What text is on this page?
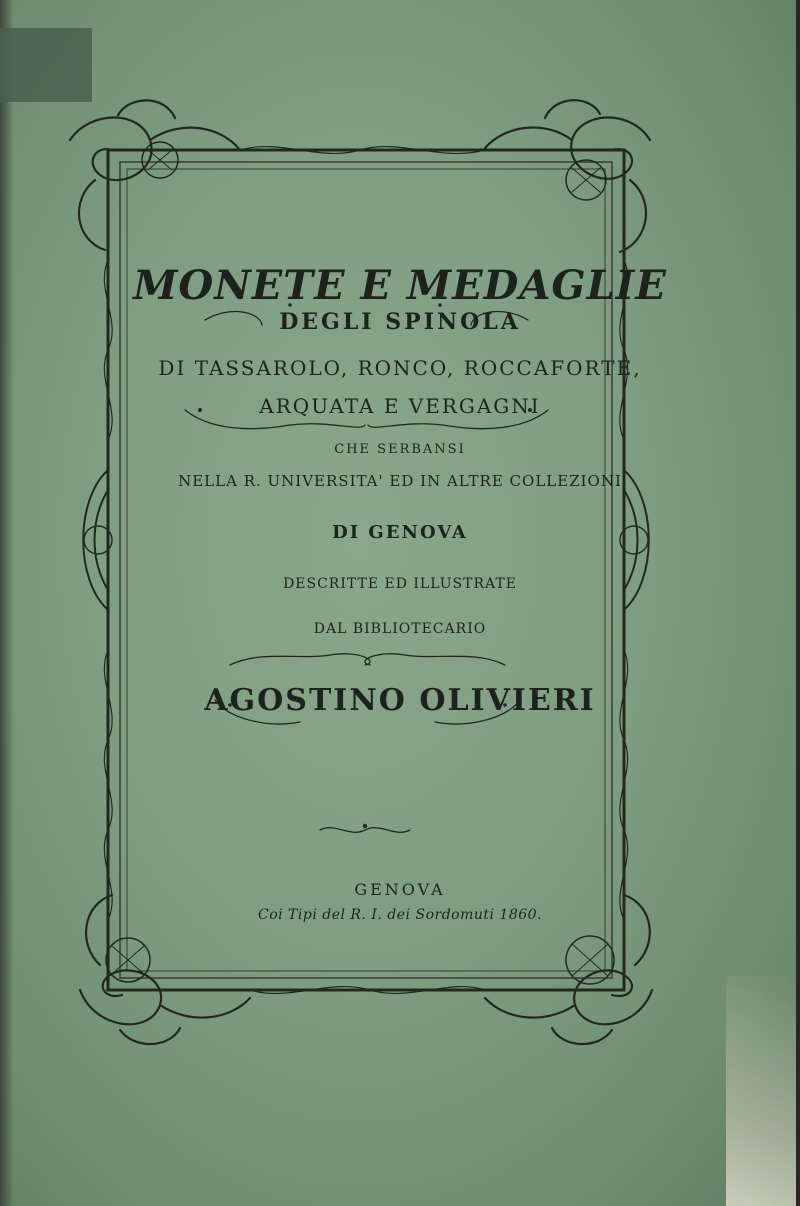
MONETE E MEDAGLIE
DEGLI SPINOLA
DI TASSAROLO, RONCO, ROCCAFORTE,
ARQUATA E VERGAGNI
CHE SERBANSI
NELLA R. UNIVERSITA' ED IN ALTRE COLLEZIONI
DI GENOVA
DESCRITTE ED ILLUSTRATE
DAL BIBLIOTECARIO
AGOSTINO OLIVIERI
GENOVA
Coi Tipi del R. I. dei Sordomuti 1860.
